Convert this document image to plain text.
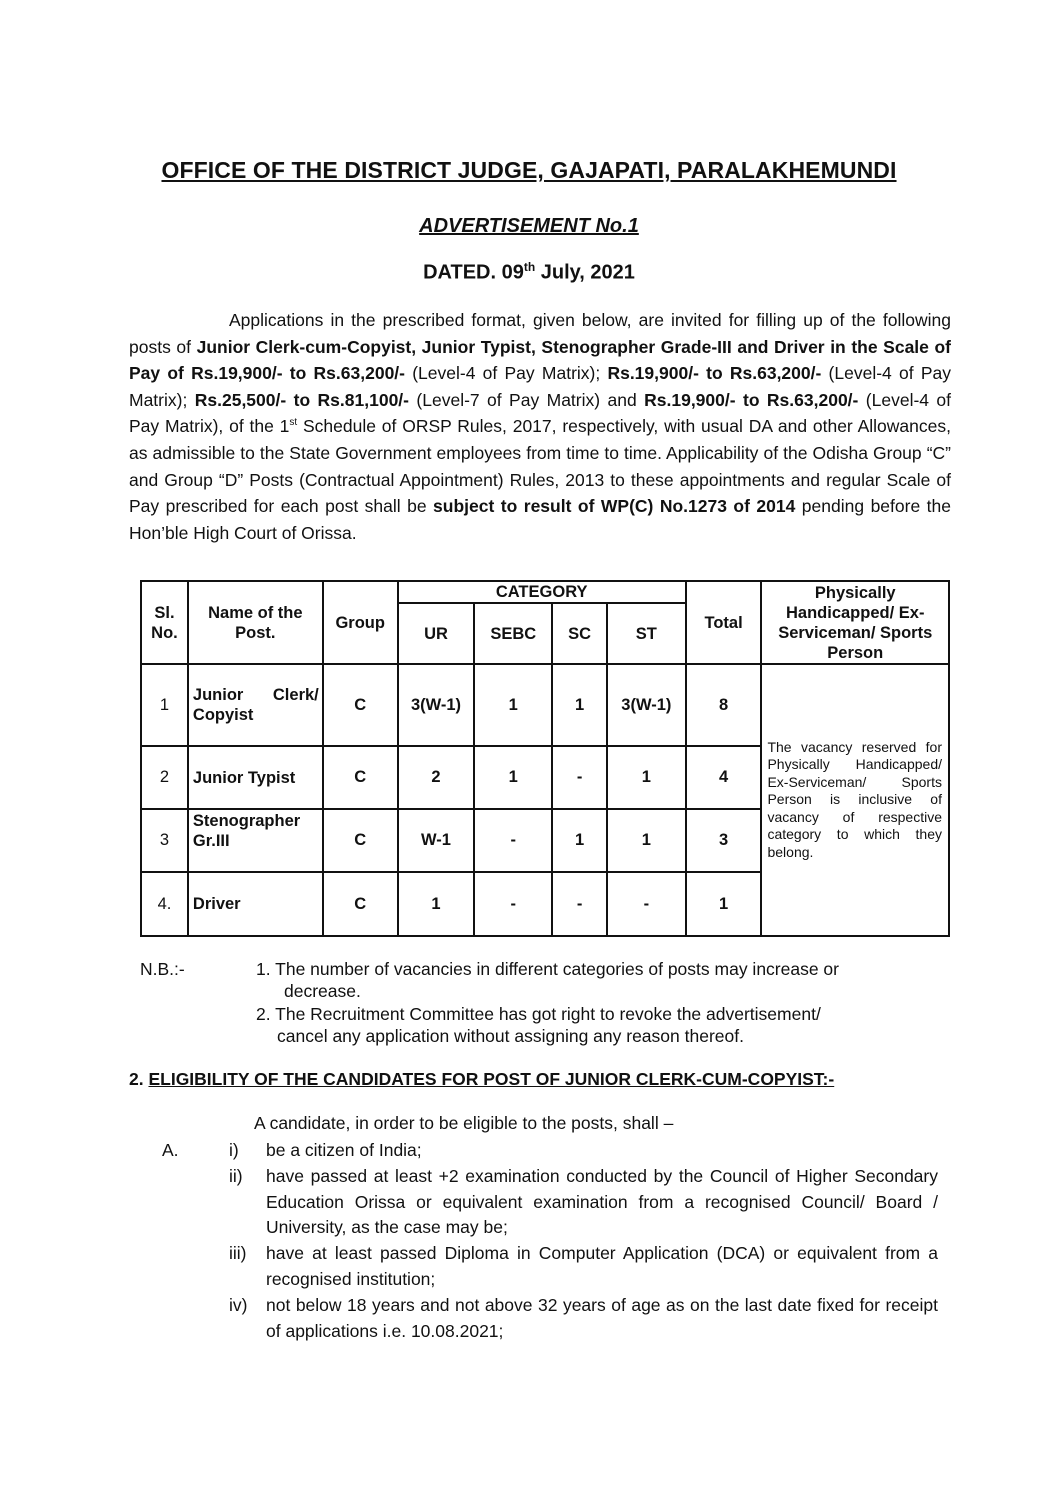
OFFICE OF THE DISTRICT JUDGE, GAJAPATI, PARALAKHEMUNDI
ADVERTISEMENT No.1
DATED. 09th July, 2021
Applications in the prescribed format, given below, are invited for filling up of the following posts of Junior Clerk-cum-Copyist, Junior Typist, Stenographer Grade-III and Driver in the Scale of Pay of Rs.19,900/- to Rs.63,200/- (Level-4 of Pay Matrix); Rs.19,900/- to Rs.63,200/- (Level-4 of Pay Matrix); Rs.25,500/- to Rs.81,100/- (Level-7 of Pay Matrix) and Rs.19,900/- to Rs.63,200/- (Level-4 of Pay Matrix), of the 1st Schedule of ORSP Rules, 2017, respectively, with usual DA and other Allowances, as admissible to the State Government employees from time to time. Applicability of the Odisha Group “C” and Group “D” Posts (Contractual Appointment) Rules, 2013 to these appointments and regular Scale of Pay prescribed for each post shall be subject to result of WP(C) No.1273 of 2014 pending before the Hon’ble High Court of Orissa.
Sl. No.	Name of the Post.	Group	CATEGORY				Total	Physically Handicapped/ Ex-Serviceman/ Sports Person
			UR	SEBC	SC	ST		
1	Junior Clerk/ Copyist	C	3(W-1)	1	1	3(W-1)	8	The vacancy reserved for Physically Handicapped/ Ex-Serviceman/ Sports Person is inclusive of vacancy of respective category to which they belong.
2	Junior Typist	C	2	1	-	1	4	
3	Stenographer Gr.III	C	W-1	-	1	1	3	
4.	Driver	C	1	-	-	-	1	
N.B.:-	1. The number of vacancies in different categories of posts may increase or
decrease.
2. The Recruitment Committee has got right to revoke the advertisement/
cancel any application without assigning any reason thereof.
2. ELIGIBILITY OF THE CANDIDATES FOR POST OF JUNIOR CLERK-CUM-COPYIST:-
A candidate, in order to be eligible to the posts, shall –
A.	i) be a citizen of India;
ii) have passed at least +2 examination conducted by the Council of Higher Secondary Education Orissa or equivalent examination from a recognised Council/ Board / University, as the case may be;
iii) have at least passed Diploma in Computer Application (DCA) or equivalent from a recognised institution;
iv) not below 18 years and not above 32 years of age as on the last date fixed for receipt of applications i.e. 10.08.2021;
